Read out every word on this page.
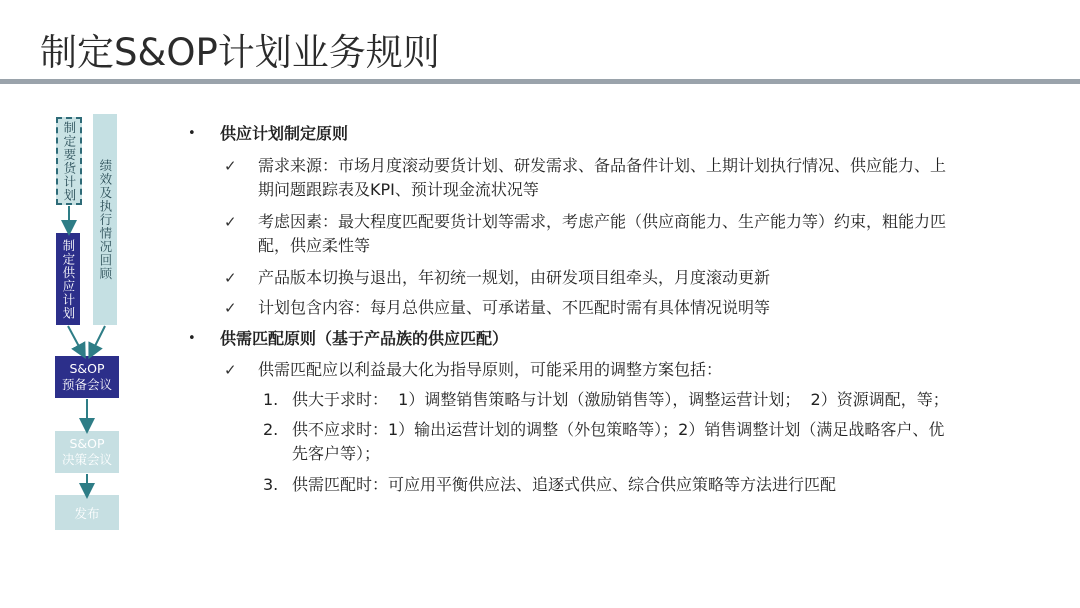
制定S&OP计划业务规则
制定要货计划 绩效及执行情况回顾
制定供应计划
S&OP
预备会议
S&OP
决策会议
发布
• 供应计划制定原则
✓ 需求来源：市场月度滚动要货计划、研发需求、备品备件计划、上期计划执行情况、供应能力、上
期问题跟踪表及KPI、预计现金流状况等
✓ 考虑因素：最大程度匹配要货计划等需求，考虑产能（供应商能力、生产能力等）约束，粗能力匹
配，供应柔性等
✓ 产品版本切换与退出，年初统一规划，由研发项目组牵头，月度滚动更新
✓ 计划包含内容：每月总供应量、可承诺量、不匹配时需有具体情况说明等
• 供需匹配原则（基于产品族的供应匹配）
✓ 供需匹配应以利益最大化为指导原则，可能采用的调整方案包括：
1. 供大于求时：  1）调整销售策略与计划（激励销售等），调整运营计划；  2）资源调配，等；
2. 供不应求时：1）输出运营计划的调整（外包策略等）；2）销售调整计划（满足战略客户、优
先客户等）；
3. 供需匹配时：可应用平衡供应法、追逐式供应、综合供应策略等方法进行匹配
